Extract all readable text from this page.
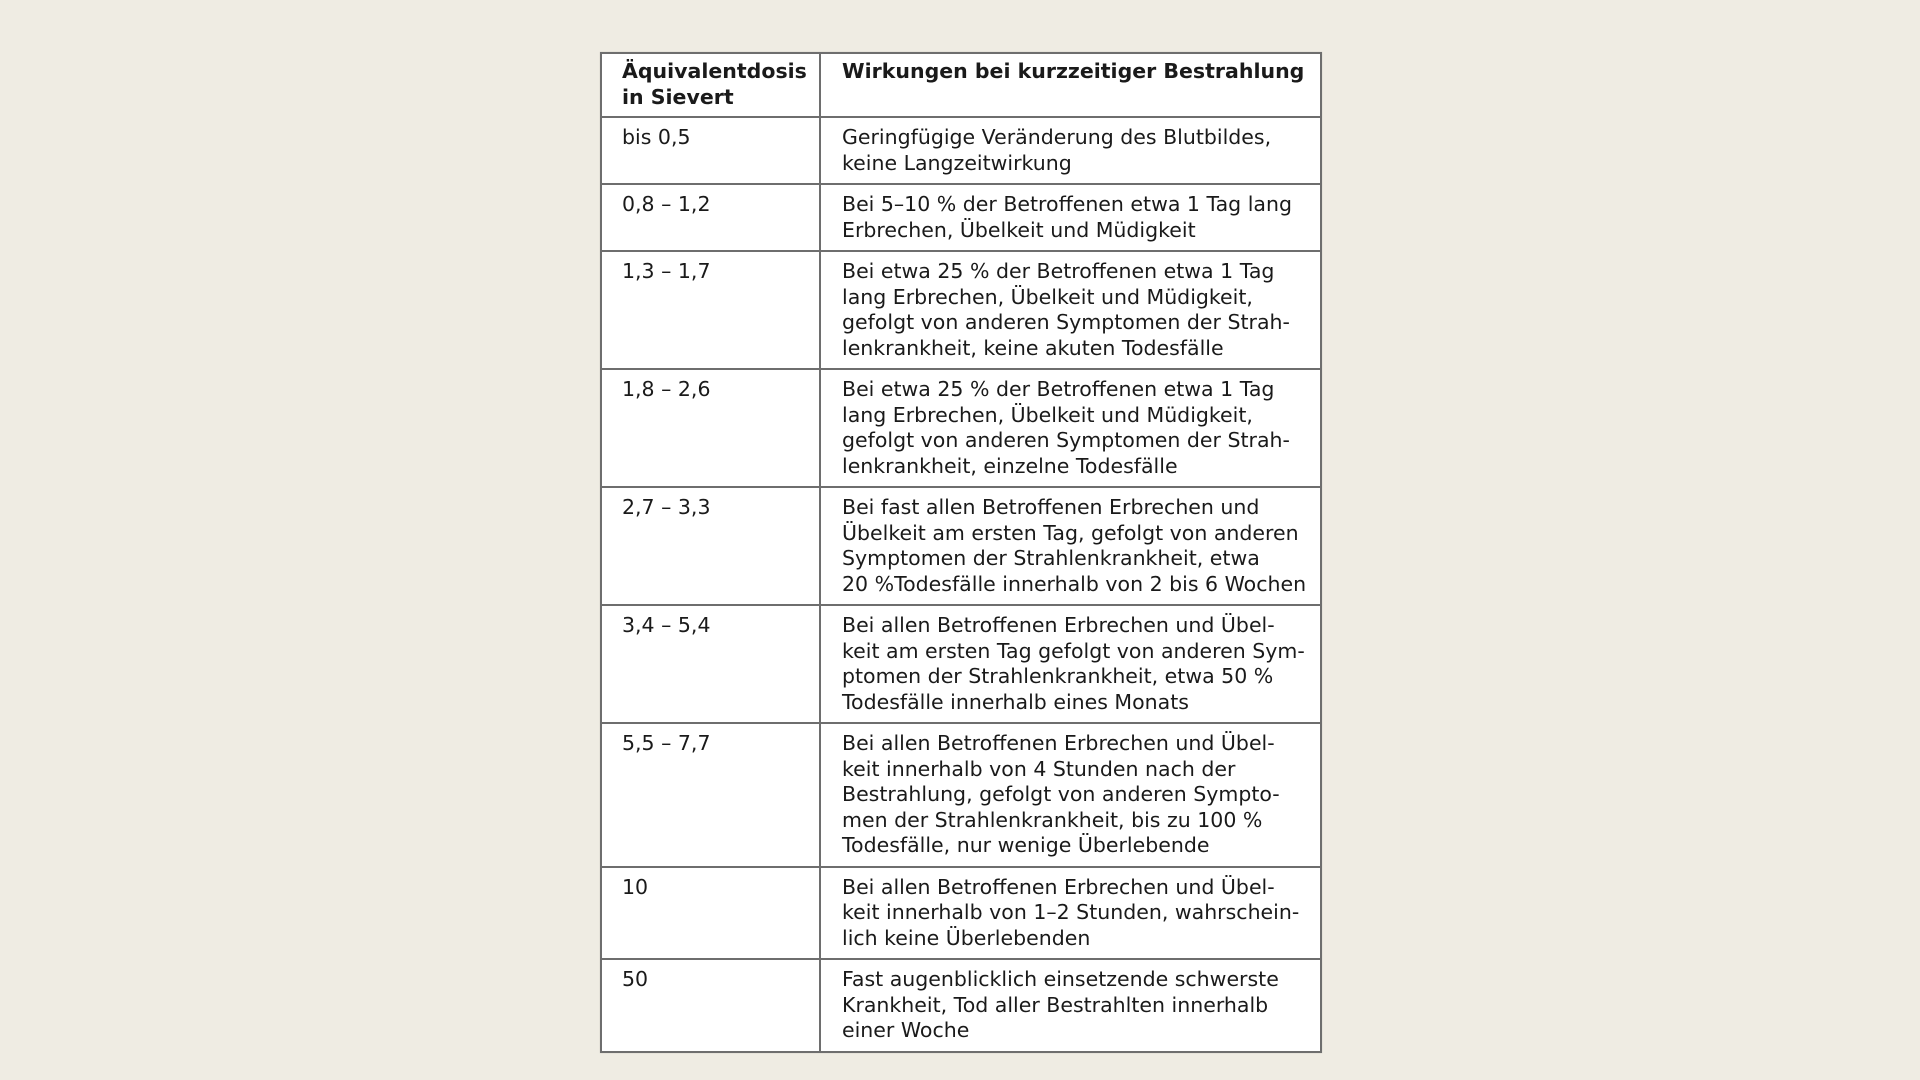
Äquivalentdosis
in Sievert	Wirkungen bei kurzzeitiger Bestrahlung

bis 0,5	Geringfügige Veränderung des Blutbildes,
keine Langzeitwirkung

0,8 – 1,2	Bei 5–10 % der Betroffenen etwa 1 Tag lang
Erbrechen, Übelkeit und Müdigkeit

1,3 – 1,7	Bei etwa 25 % der Betroffenen etwa 1 Tag
lang Erbrechen, Übelkeit und Müdigkeit,
gefolgt von anderen Symptomen der Strah-
lenkrankheit, keine akuten Todesfälle

1,8 – 2,6	Bei etwa 25 % der Betroffenen etwa 1 Tag
lang Erbrechen, Übelkeit und Müdigkeit,
gefolgt von anderen Symptomen der Strah-
lenkrankheit, einzelne Todesfälle

2,7 – 3,3	Bei fast allen Betroffenen Erbrechen und
Übelkeit am ersten Tag, gefolgt von anderen
Symptomen der Strahlenkrankheit, etwa
20 %Todesfälle innerhalb von 2 bis 6 Wochen

3,4 – 5,4	Bei allen Betroffenen Erbrechen und Übel-
keit am ersten Tag gefolgt von anderen Sym-
ptomen der Strahlenkrankheit, etwa 50 %
Todesfälle innerhalb eines Monats

5,5 – 7,7	Bei allen Betroffenen Erbrechen und Übel-
keit innerhalb von 4 Stunden nach der
Bestrahlung, gefolgt von anderen Sympto-
men der Strahlenkrankheit, bis zu 100 %
Todesfälle, nur wenige Überlebende

10	Bei allen Betroffenen Erbrechen und Übel-
keit innerhalb von 1–2 Stunden, wahrschein-
lich keine Überlebenden

50	Fast augenblicklich einsetzende schwerste
Krankheit, Tod aller Bestrahlten innerhalb
einer Woche
